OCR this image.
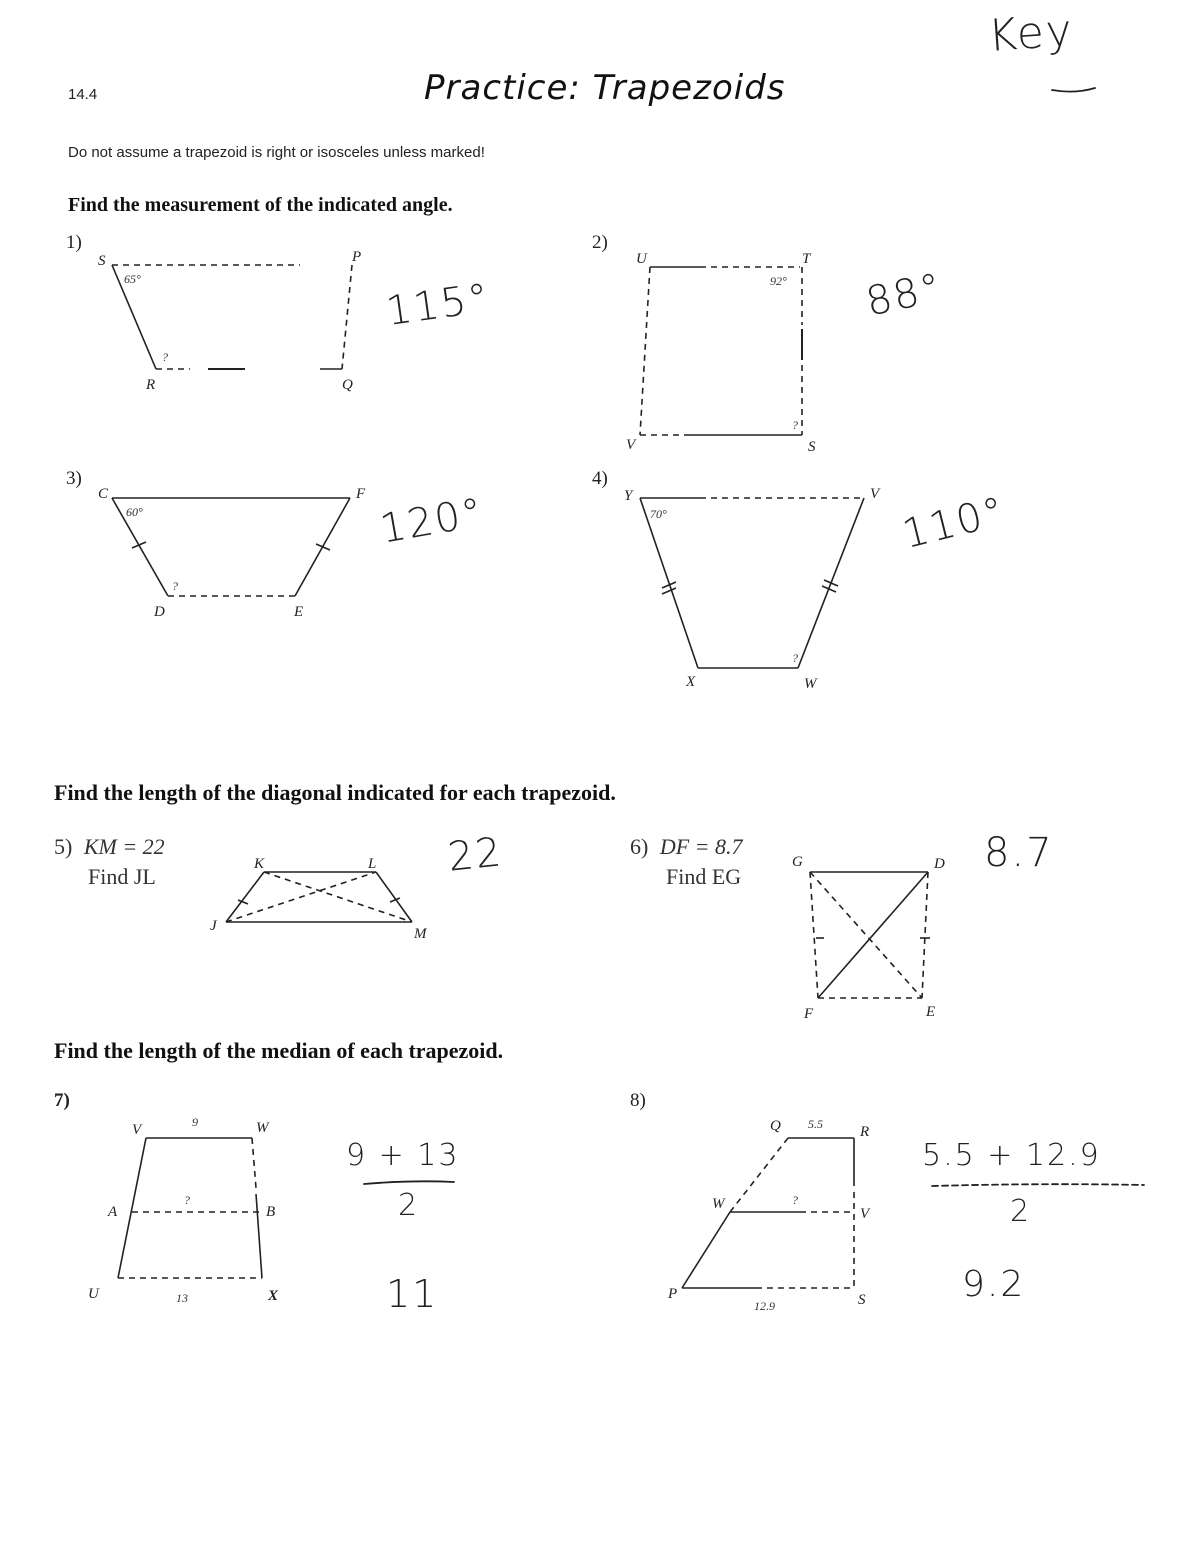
14.4	Practice: Trapezoids
Key
Do not assume a trapezoid is right or isosceles unless marked!
Find the measurement of the indicated angle.
1)
S	P
R	Q
65°
?
115°
2)
U	T
V	S
92°
?
88°
3)
C	F
D	E
60°
?
120°
4)
Y	V
X	W
70°
?
110°
Find the length of the diagonal indicated for each trapezoid.
5) KM = 22
Find JL	K	L
J	M
22	6) DF = 8.7
Find EG
G	D
F	E
8.7
Find the length of the median of each trapezoid.
7)
V	W
A	B
U	X
9
?
13
9 + 13
2
11
8)
Q	R
W
V
P	S
5.5
?
12.9
5.5 + 12.9
2
9.2
